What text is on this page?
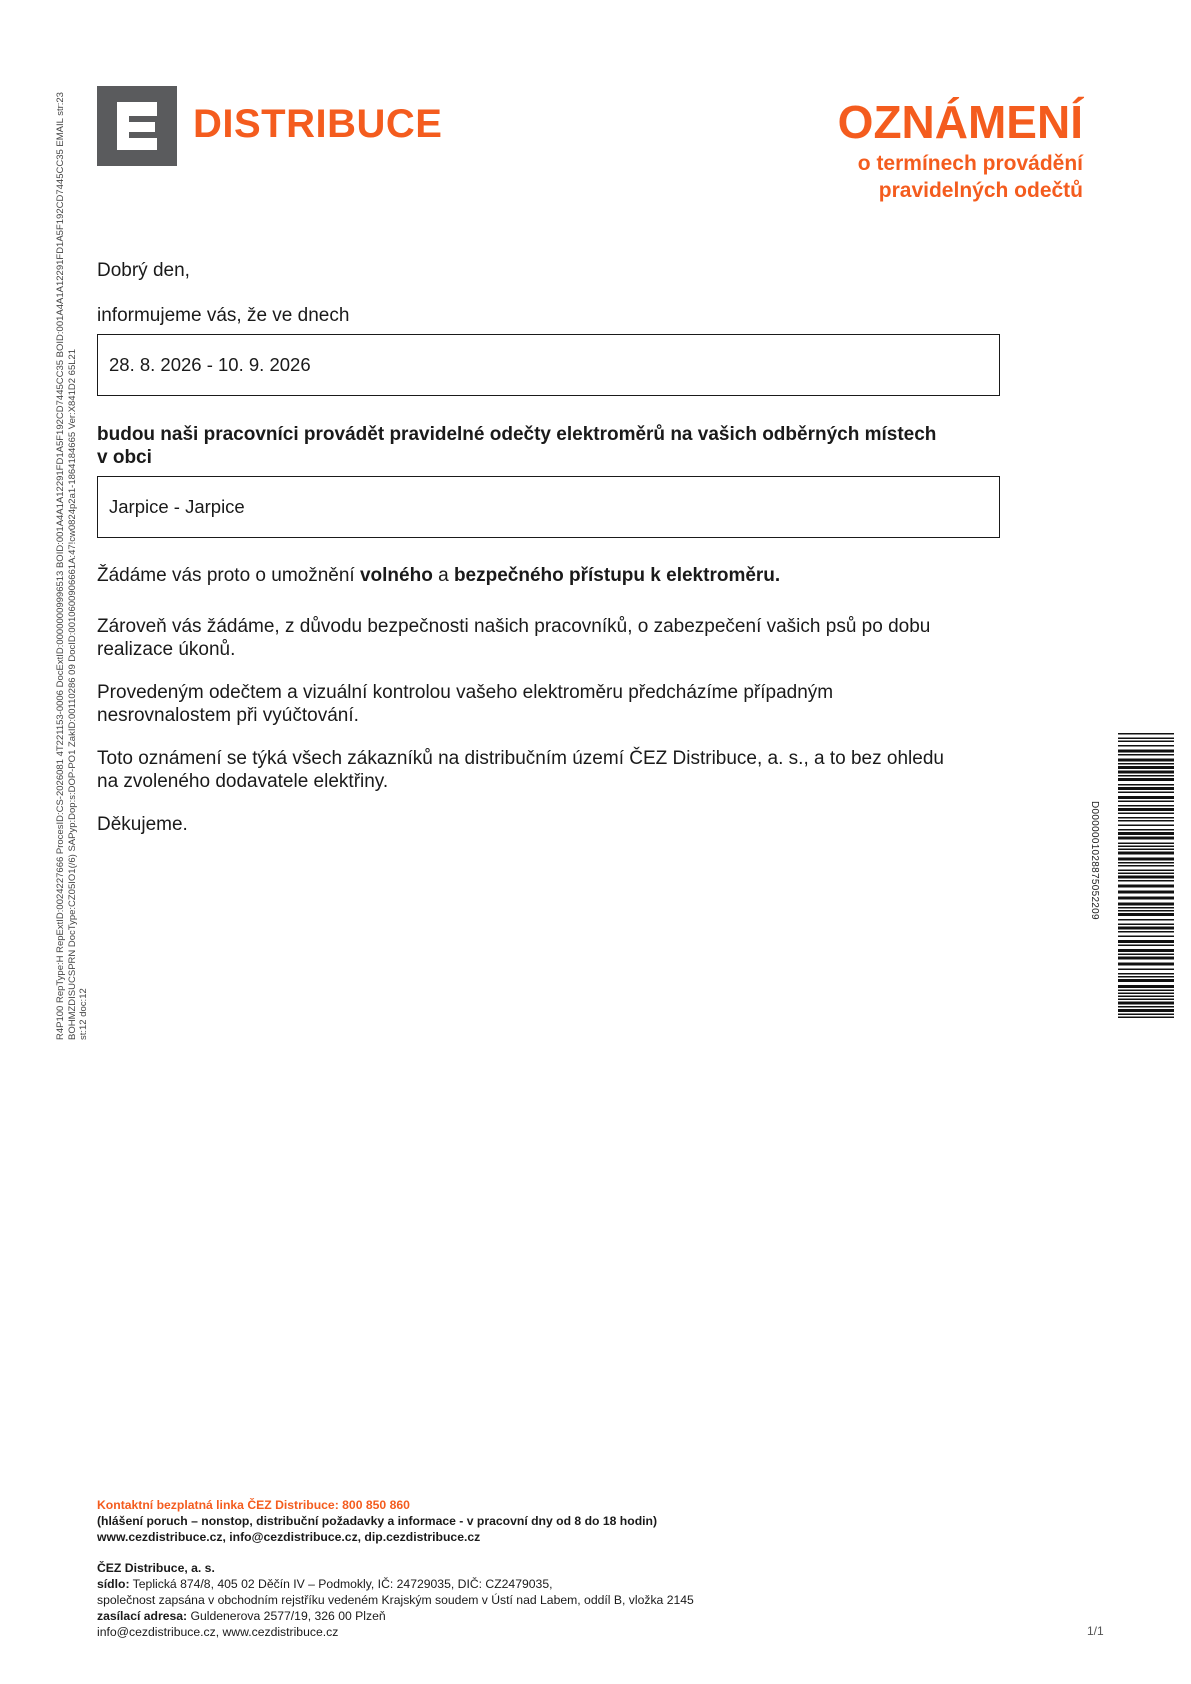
DISTRIBUCE	OZNÁMENÍ
o termínech provádění
pravidelných odečtů
R4P100 RepType:H RepExtID:0024227666 ProcesID:CS-2026081 4T221153-0006 DocExtID:00000009996513 BOID:001A4A1A12291FD1A5F192CD7445CC35 BOID:001A4A1A12291FD1A5F192CD7445CC35 EMAIL str:23 BOHMZDISUCSPRN DocType:CZ05IO1(/6) SAPyp:Dop:s:DOP-PO1 ZakID:00110286 09 DocID:0010600906661A:47!cw0824p2a1-1864184665 Ver:X841D2 65L21 st:12 doc:12
Dobrý den,
informujeme vás, že ve dnech
28. 8. 2026 - 10. 9. 2026
budou naši pracovníci provádět pravidelné odečty elektroměrů na vašich odběrných místech
v obci
Jarpice - Jarpice
Žádáme vás proto o umožnění volného a bezpečného přístupu k elektroměru.
Zároveň vás žádáme, z důvodu bezpečnosti našich pracovníků, o zabezpečení vašich psů po dobu
realizace úkonů.
Provedeným odečtem a vizuální kontrolou vašeho elektroměru předcházíme případným
nesrovnalostem při vyúčtování.
Toto oznámení se týká všech zákazníků na distribučním území ČEZ Distribuce, a. s., a to bez ohledu
na zvoleného dodavatele elektřiny.
Děkujeme.	D0000001028875052209
Kontaktní bezplatná linka ČEZ Distribuce: 800 850 860
(hlášení poruch – nonstop, distribuční požadavky a informace - v pracovní dny od 8 do 18 hodin)
www.cezdistribuce.cz, info@cezdistribuce.cz, dip.cezdistribuce.cz
ČEZ Distribuce, a. s.
sídlo: Teplická 874/8, 405 02 Děčín IV – Podmokly, IČ: 24729035, DIČ: CZ2479035,
společnost zapsána v obchodním rejstříku vedeném Krajským soudem v Ústí nad Labem, oddíl B, vložka 2145
zasílací adresa: Guldenerova 2577/19, 326 00 Plzeň
info@cezdistribuce.cz, www.cezdistribuce.cz	1/1
